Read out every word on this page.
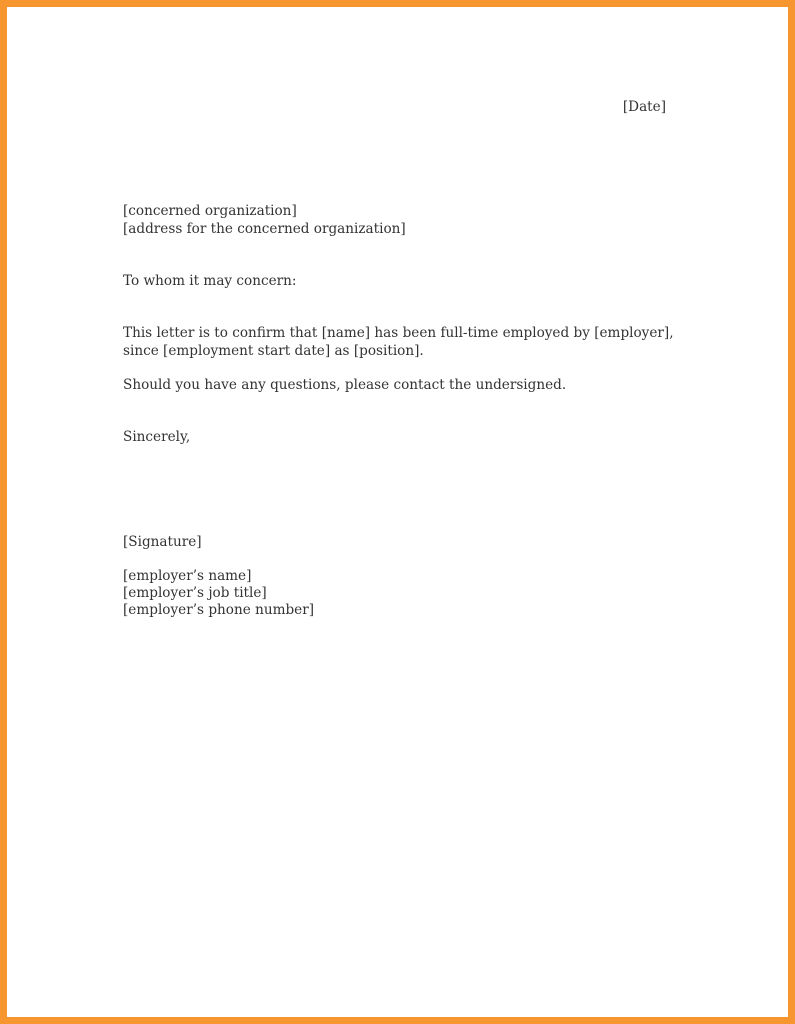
[Date]

[concerned organization]

[address for the concerned organization]

To whom it may concern:

This letter is to confirm that [name] has been full-time employed by [employer],

since [employment start date] as [position].

Should you have any questions, please contact the undersigned.

Sincerely,

[Signature]

[employer’s name]

[employer’s job title]

[employer’s phone number]
